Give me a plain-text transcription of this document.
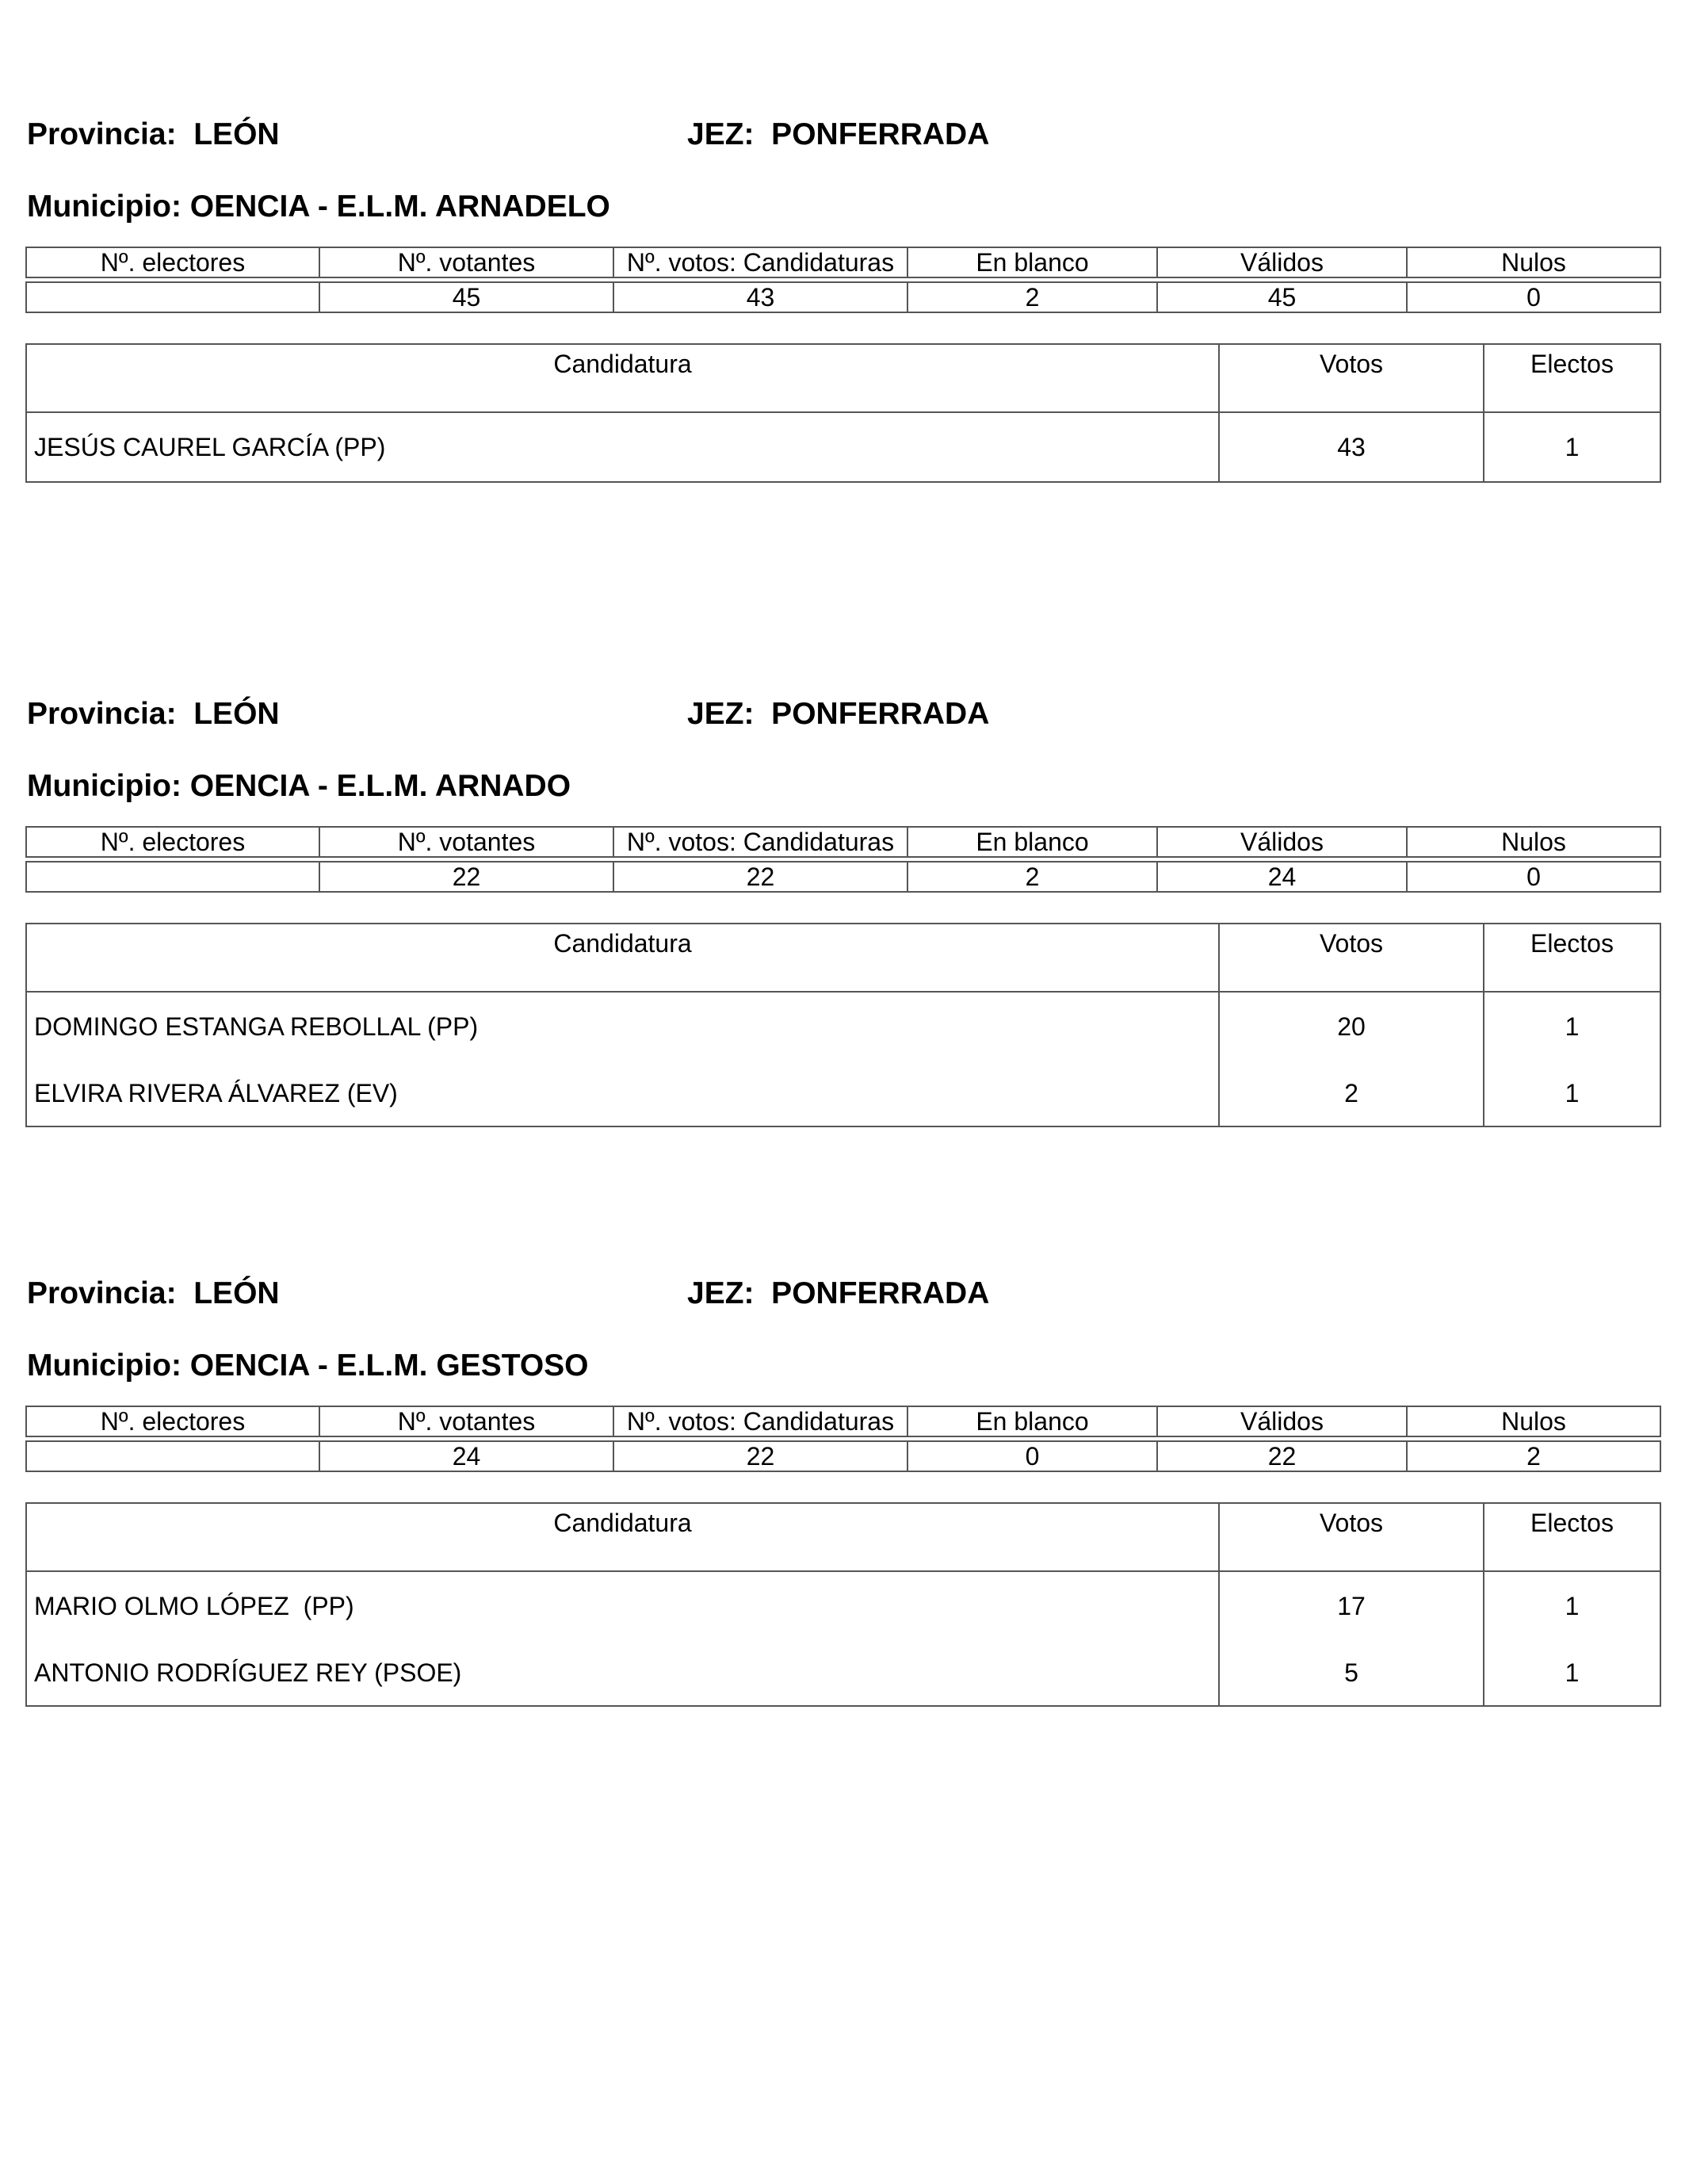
Provincia:  LEÓN	JEZ:  PONFERRADA
Municipio: OENCIA - E.L.M. ARNADELO
Nº. electores	Nº. votantes	Nº. votos: Candidaturas	En blanco	Válidos	Nulos

	45	43	2	45	0
Candidatura	Votos	Electos
JESÚS CAUREL GARCÍA (PP)	43	1
Provincia:  LEÓN	JEZ:  PONFERRADA
Municipio: OENCIA - E.L.M. ARNADO
Nº. electores	Nº. votantes	Nº. votos: Candidaturas	En blanco	Válidos	Nulos

	22	22	2	24	0
Candidatura	Votos	Electos
DOMINGO ESTANGA REBOLLAL (PP)	20	1
ELVIRA RIVERA ÁLVAREZ (EV)	2	1
Provincia:  LEÓN	JEZ:  PONFERRADA
Municipio: OENCIA - E.L.M. GESTOSO
Nº. electores	Nº. votantes	Nº. votos: Candidaturas	En blanco	Válidos	Nulos

	24	22	0	22	2
Candidatura	Votos	Electos
MARIO OLMO LÓPEZ  (PP)	17	1
ANTONIO RODRÍGUEZ REY (PSOE)	5	1
